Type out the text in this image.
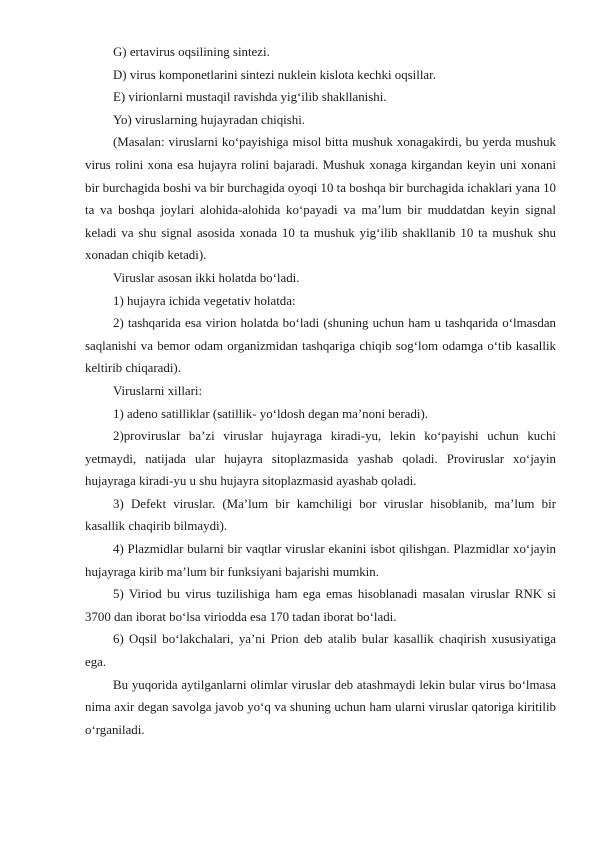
G) ertavirus oqsilining sintezi.

D) virus komponetlarini sintezi nuklein kislota kechki oqsillar.

E) virionlarni mustaqil ravishda yig‘ilib shakllanishi.

Yo) viruslarning hujayradan chiqishi.

(Masalan: viruslarni ko‘payishiga misol bitta mushuk xonagakirdi, bu yerda mushuk virus rolini xona esa hujayra rolini bajaradi. Mushuk xonaga kirgandan keyin uni xonani bir burchagida boshi va bir burchagida oyoqi 10 ta boshqa bir burchagida ichaklari yana 10 ta va boshqa joylari alohida-alohida ko‘payadi va ma’lum bir muddatdan keyin signal keladi va shu signal asosida xonada 10 ta mushuk yig‘ilib shakllanib 10 ta mushuk shu xonadan chiqib ketadi).

Viruslar asosan ikki holatda bo‘ladi.

1) hujayra ichida vegetativ holatda:

2) tashqarida esa virion holatda bo‘ladi (shuning uchun ham u tashqarida o‘lmasdan saqlanishi va bemor odam organizmidan tashqariga chiqib sog‘lom odamga o‘tib kasallik keltirib chiqaradi).

Viruslarni xillari:

1) adeno satilliklar (satillik- yo‘ldosh degan ma’noni beradi).

2)proviruslar ba’zi viruslar hujayraga kiradi-yu, lekin ko‘payishi uchun kuchi yetmaydi, natijada ular hujayra sitoplazmasida yashab qoladi. Proviruslar xo‘jayin hujayraga kiradi-yu u shu hujayra sitoplazmasid ayashab qoladi.

3) Defekt viruslar. (Ma’lum bir kamchiligi bor viruslar hisoblanib, ma’lum bir kasallik chaqirib bilmaydi).

4) Plazmidlar bularni bir vaqtlar viruslar ekanini isbot qilishgan. Plazmidlar xo‘jayin hujayraga kirib ma’lum bir funksiyani bajarishi mumkin.

5) Viriod bu virus tuzilishiga ham ega emas hisoblanadi masalan viruslar RNK si 3700 dan iborat bo‘lsa viriodda esa 170 tadan iborat bo‘ladi.

6) Oqsil bo‘lakchalari, ya’ni Prion deb atalib bular kasallik chaqirish xususiyatiga ega.

Bu yuqorida aytilganlarni olimlar viruslar deb atashmaydi lekin bular virus bo‘lmasa nima axir degan savolga javob yo‘q va shuning uchun ham ularni viruslar qatoriga kiritilib o‘rganiladi.
